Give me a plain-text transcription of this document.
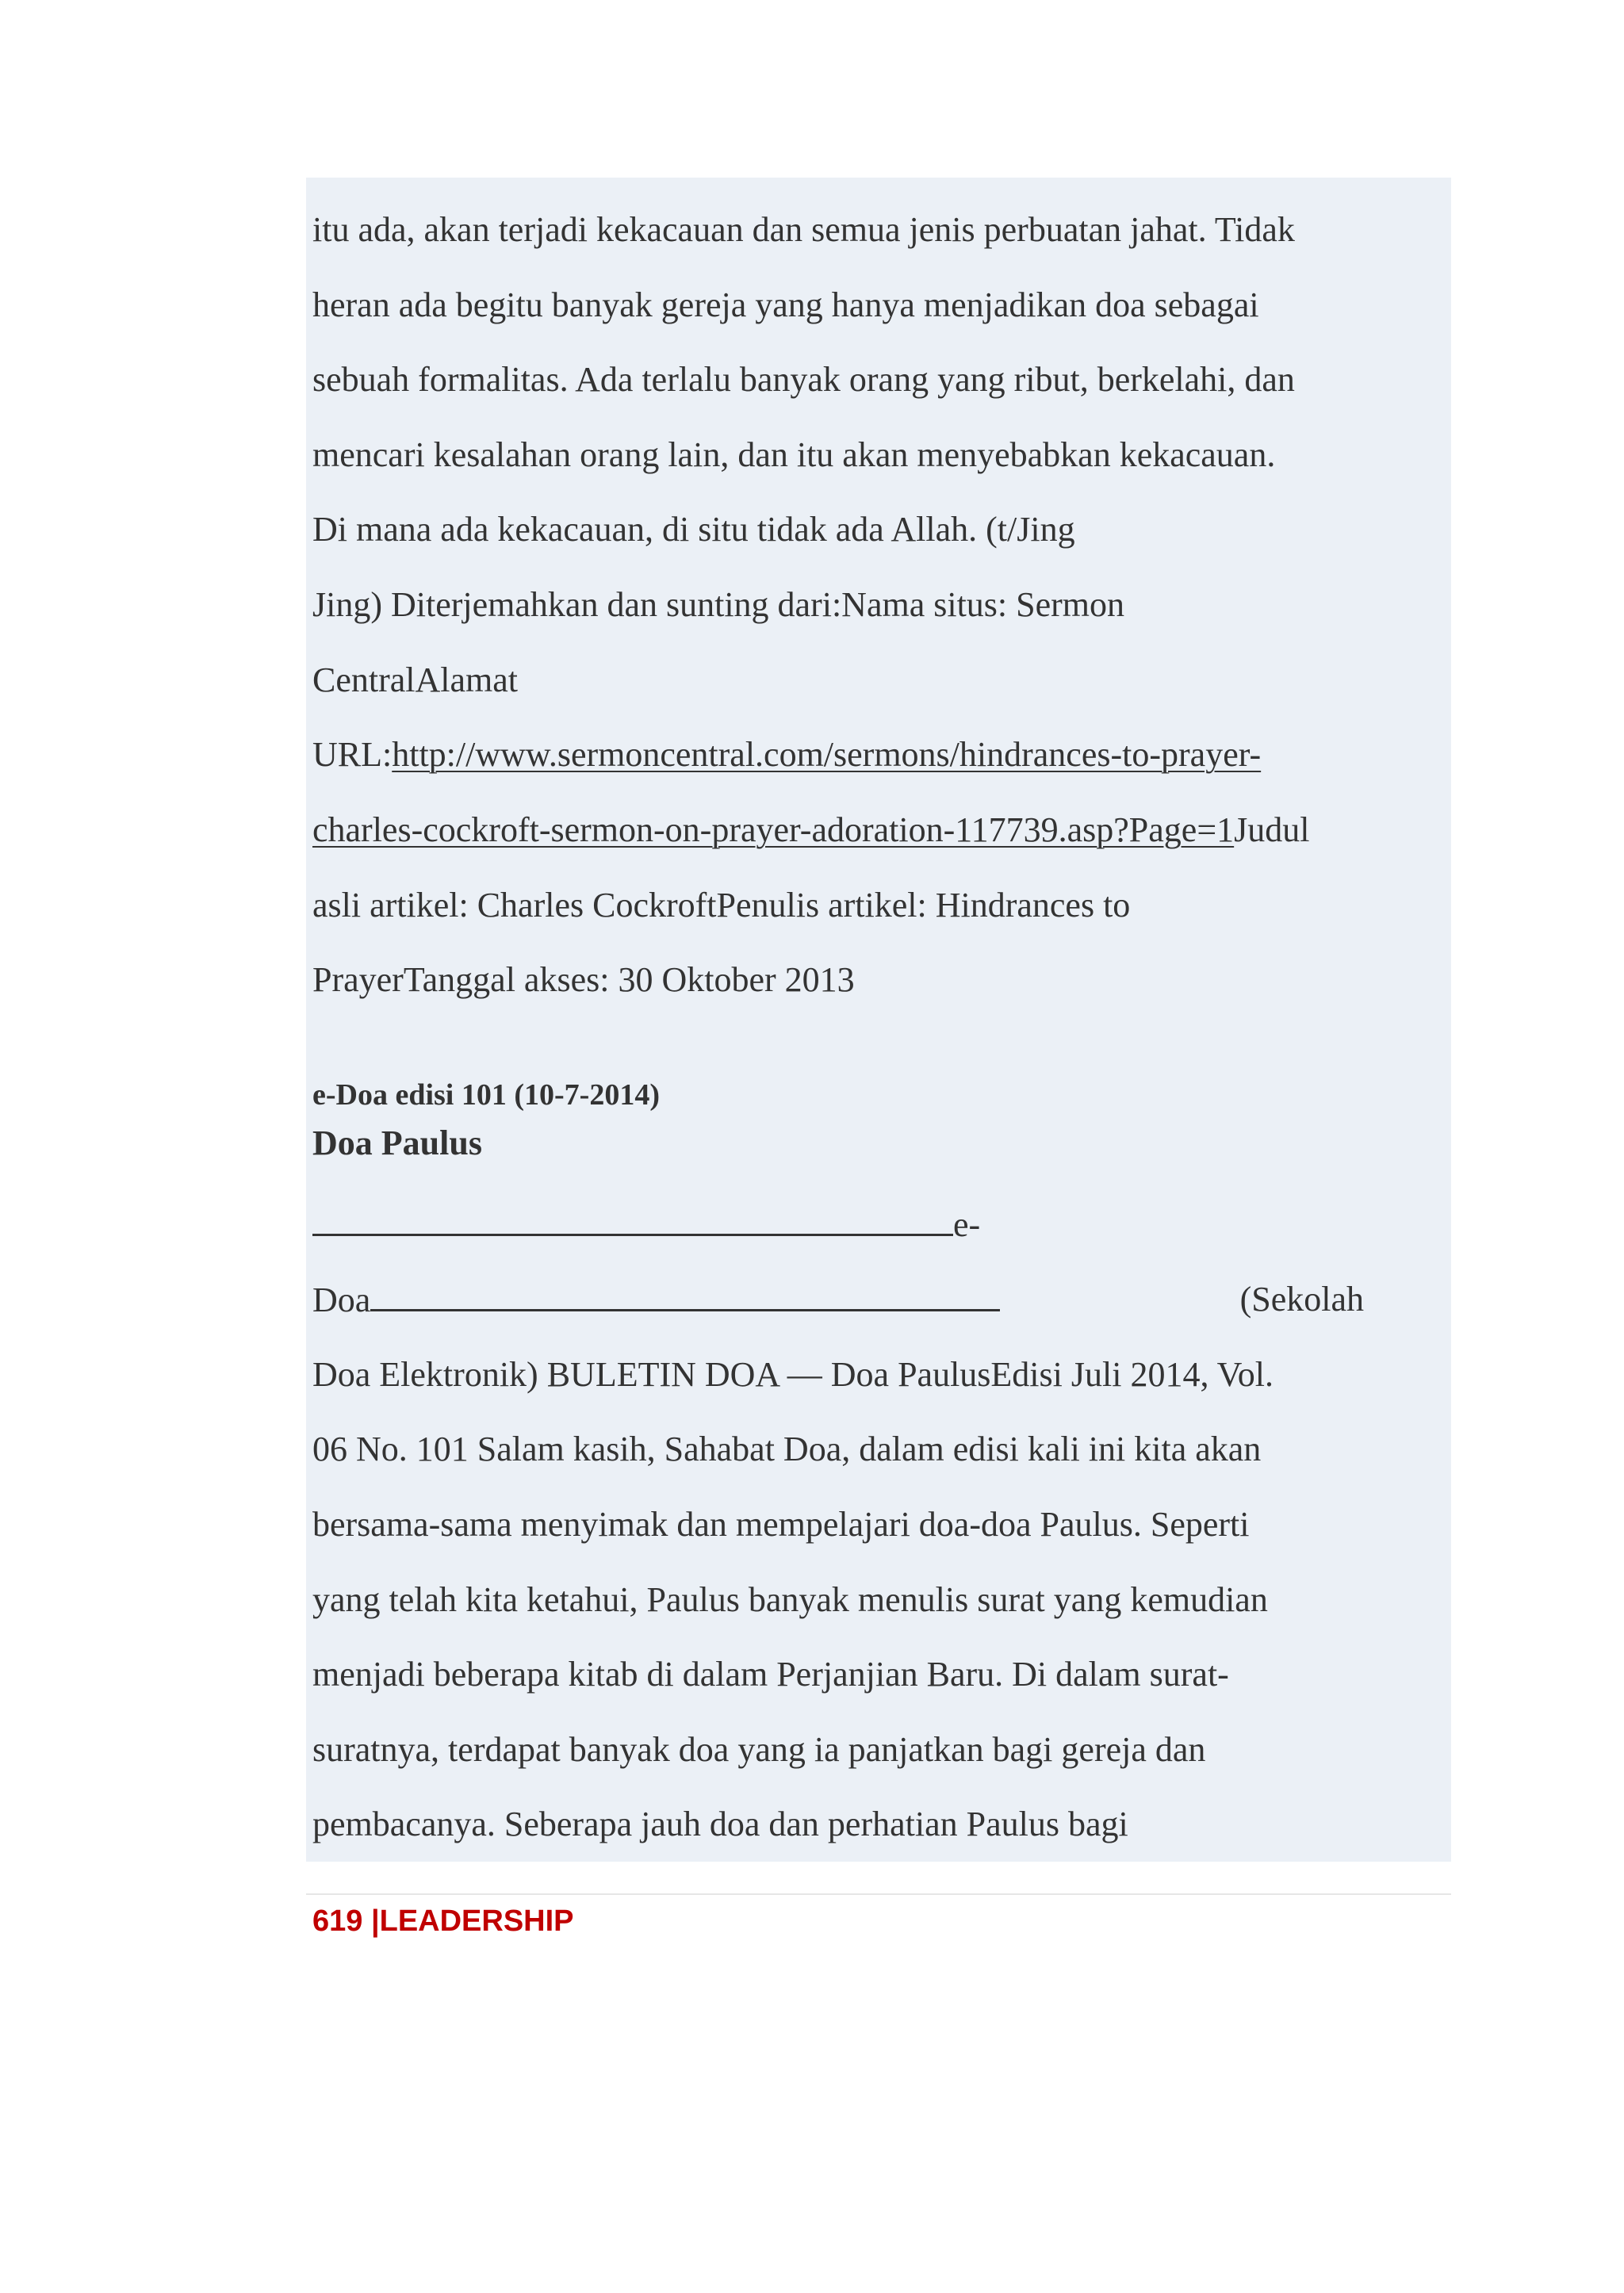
itu ada, akan terjadi kekacauan dan semua jenis perbuatan jahat. Tidak
heran ada begitu banyak gereja yang hanya menjadikan doa sebagai
sebuah formalitas. Ada terlalu banyak orang yang ribut, berkelahi, dan
mencari kesalahan orang lain, dan itu akan menyebabkan kekacauan.
Di mana ada kekacauan, di situ tidak ada Allah. (t/Jing
Jing) Diterjemahkan dan sunting dari:Nama situs: Sermon
CentralAlamat
URL:http://www.sermoncentral.com/sermons/hindrances-to-prayer-
charles-cockroft-sermon-on-prayer-adoration-117739.asp?Page=1Judul
asli artikel: Charles CockroftPenulis artikel: Hindrances to
PrayerTanggal akses: 30 Oktober 2013
e-Doa edisi 101 (10-7-2014)
Doa Paulus
e-
Doa	(Sekolah
Doa Elektronik) BULETIN DOA — Doa PaulusEdisi Juli 2014, Vol.
06 No. 101 Salam kasih, Sahabat Doa, dalam edisi kali ini kita akan
bersama-sama menyimak dan mempelajari doa-doa Paulus. Seperti
yang telah kita ketahui, Paulus banyak menulis surat yang kemudian
menjadi beberapa kitab di dalam Perjanjian Baru. Di dalam surat-
suratnya, terdapat banyak doa yang ia panjatkan bagi gereja dan
pembacanya. Seberapa jauh doa dan perhatian Paulus bagi
619 |LEADERSHIP
